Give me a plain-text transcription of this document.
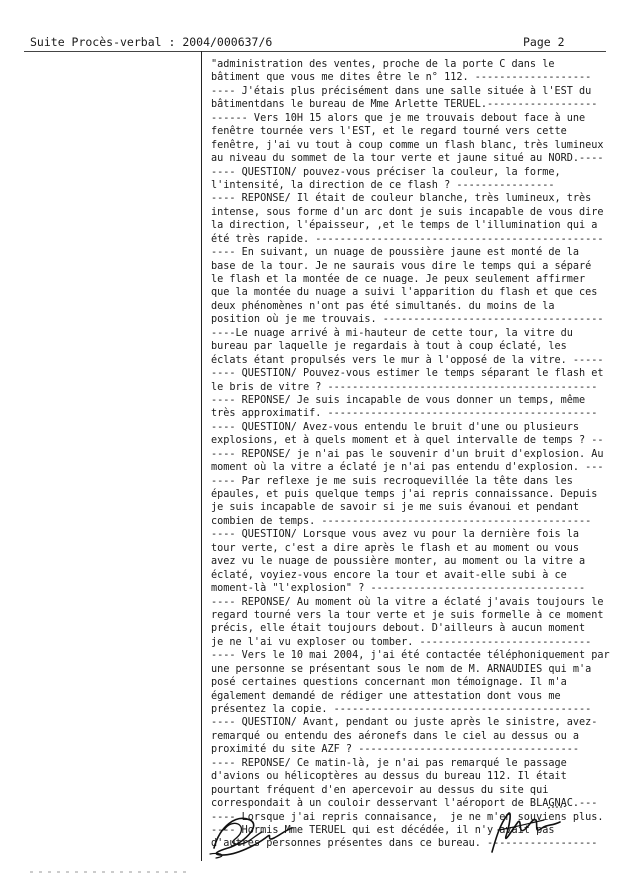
Suite Procès-verbal : 2004/000637/6	Page 2
"administration des ventes, proche de la porte C dans le
bâtiment que vous me dites être le n° 112. -------------------
---- J'étais plus précisément dans une salle située à l'EST du
bâtimentdans le bureau de Mme Arlette TERUEL.------------------
------ Vers 10H 15 alors que je me trouvais debout face à une
fenêtre tournée vers l'EST, et le regard tourné vers cette
fenêtre, j'ai vu tout à coup comme un flash blanc, très lumineux
au niveau du sommet de la tour verte et jaune situé au NORD.----
---- QUESTION/ pouvez-vous préciser la couleur, la forme,
l'intensité, la direction de ce flash ? ----------------
---- REPONSE/ Il était de couleur blanche, très lumineux, très
intense, sous forme d'un arc dont je suis incapable de vous dire
la direction, l'épaisseur, ,et le temps de l'illumination qui a
été très rapide. -----------------------------------------------
---- En suivant, un nuage de poussière jaune est monté de la
base de la tour. Je ne saurais vous dire le temps qui a séparé
le flash et la montée de ce nuage. Je peux seulement affirmer
que la montée du nuage a suivi l'apparition du flash et que ces
deux phénomènes n'ont pas été simultanés. du moins de la
position où je me trouvais. ------------------------------------
----Le nuage arrivé à mi-hauteur de cette tour, la vitre du
bureau par laquelle je regardais à tout à coup éclaté, les
éclats étant propulsés vers le mur à l'opposé de la vitre. -----
---- QUESTION/ Pouvez-vous estimer le temps séparant le flash et
le bris de vitre ? --------------------------------------------
---- REPONSE/ Je suis incapable de vous donner un temps, même
très approximatif. --------------------------------------------
---- QUESTION/ Avez-vous entendu le bruit d'une ou plusieurs
explosions, et à quels moment et à quel intervalle de temps ? --
---- REPONSE/ je n'ai pas le souvenir d'un bruit d'explosion. Au
moment où la vitre a éclaté je n'ai pas entendu d'explosion. ---
---- Par reflexe je me suis recroquevillée la tête dans les
épaules, et puis quelque temps j'ai repris connaissance. Depuis
je suis incapable de savoir si je me suis évanoui et pendant
combien de temps. --------------------------------------------
---- QUESTION/ Lorsque vous avez vu pour la dernière fois la
tour verte, c'est a dire après le flash et au moment ou vous
avez vu le nuage de poussière monter, au moment ou la vitre a
éclaté, voyiez-vous encore la tour et avait-elle subi à ce
moment-là "l'explosion" ? -----------------------------------
---- REPONSE/ Au moment où la vitre a éclaté j'avais toujours le
regard tourné vers la tour verte et je suis formelle à ce moment
précis, elle était toujours debout. D'ailleurs à aucun moment
je ne l'ai vu exploser ou tomber. ----------------------------
---- Vers le 10 mai 2004, j'ai été contactée téléphoniquement par
une personne se présentant sous le nom de M. ARNAUDIES qui m'a
posé certaines questions concernant mon témoignage. Il m'a
également demandé de rédiger une attestation dont vous me
présentez la copie. ------------------------------------------
---- QUESTION/ Avant, pendant ou juste après le sinistre, avez-
remarqué ou entendu des aéronefs dans le ciel au dessus ou a
proximité du site AZF ? ------------------------------------
---- REPONSE/ Ce matin-là, je n'ai pas remarqué le passage
d'avions ou hélicoptères au dessus du bureau 112. Il était
pourtant fréquent d'en apercevoir au dessus du site qui
correspondait à un couloir desservant l'aéroport de BLAGNAC.---
---- Lorsque j'ai repris connaisance,  je ne m'en souviens plus.
---- Hormis Mme TERUEL qui est décédée, il n'y avait pas
d'autres personnes présentes dans ce bureau. ------------------
